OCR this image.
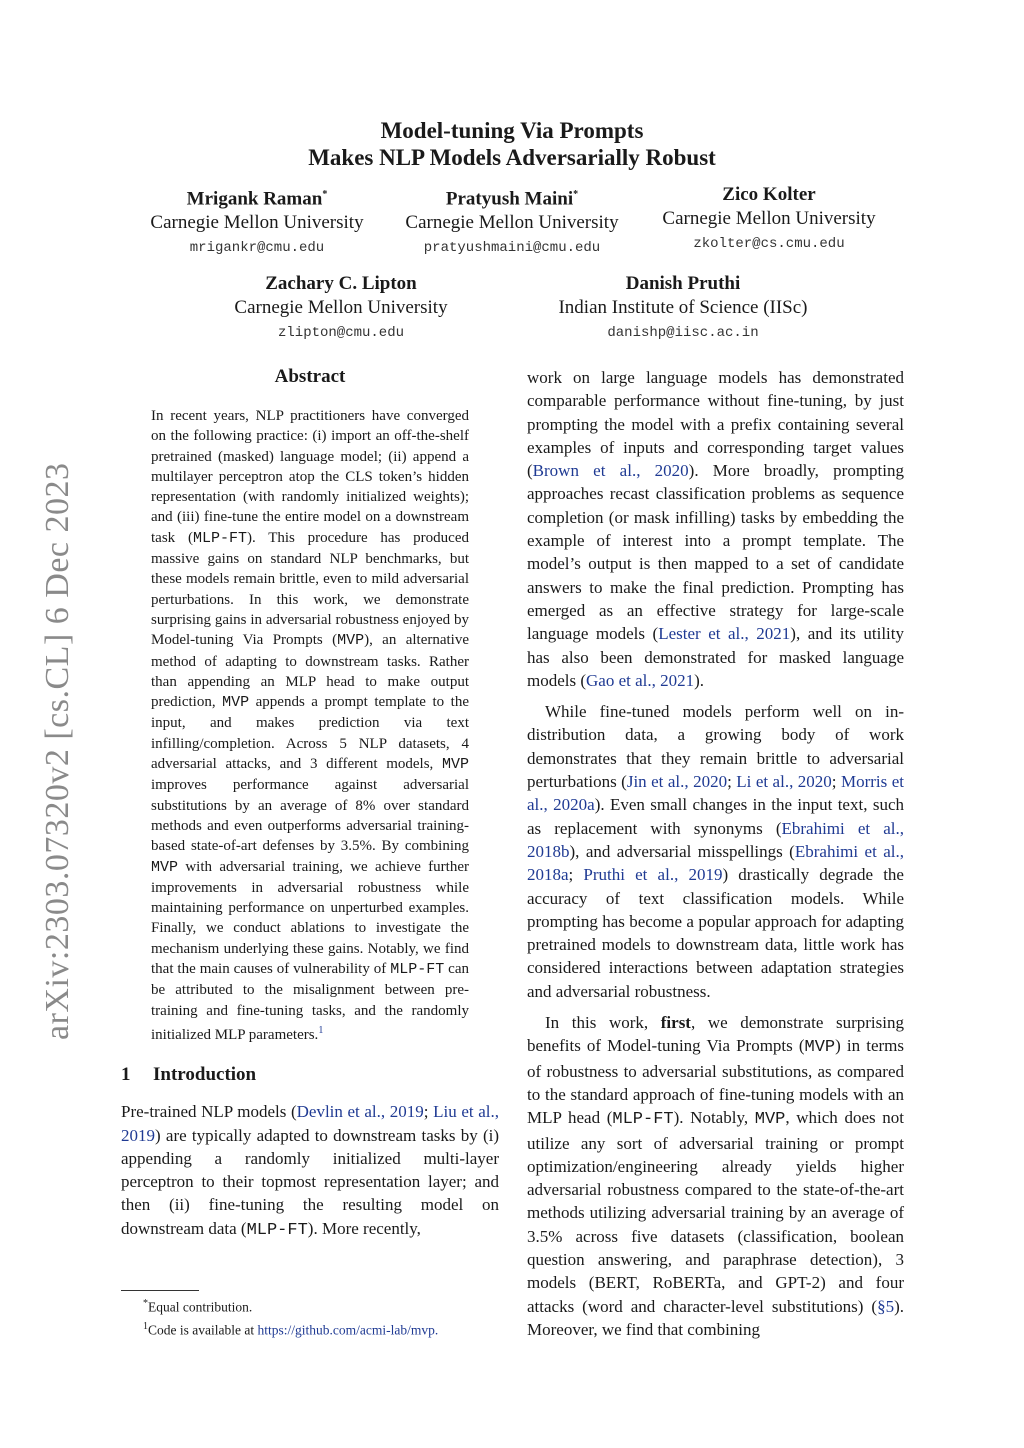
arXiv:2303.07320v2 [cs.CL] 6 Dec 2023
Model-tuning Via Prompts
Makes NLP Models Adversarially Robust
Mrigank Raman*
Carnegie Mellon University
mrigankr@cmu.edu
Pratyush Maini*
Carnegie Mellon University
pratyushmaini@cmu.edu
Zico Kolter
Carnegie Mellon University
zkolter@cs.cmu.edu
Zachary C. Lipton
Carnegie Mellon University
zlipton@cmu.edu
Danish Pruthi
Indian Institute of Science (IISc)
danishp@iisc.ac.in
Abstract
In recent years, NLP practitioners have converged on the following practice: (i) import an off-the-shelf pretrained (masked) language model; (ii) append a multilayer perceptron atop the CLS token’s hidden representation (with randomly initialized weights); and (iii) fine-tune the entire model on a downstream task (MLP-FT). This procedure has produced massive gains on standard NLP benchmarks, but these models remain brittle, even to mild adversarial perturbations. In this work, we demonstrate surprising gains in adversarial robustness enjoyed by Model-tuning Via Prompts (MVP), an alternative method of adapting to downstream tasks. Rather than appending an MLP head to make output prediction, MVP appends a prompt template to the input, and makes prediction via text infilling/completion. Across 5 NLP datasets, 4 adversarial attacks, and 3 different models, MVP improves performance against adversarial substitutions by an average of 8% over standard methods and even outperforms adversarial training-based state-of-art defenses by 3.5%. By combining MVP with adversarial training, we achieve further improvements in adversarial robustness while maintaining performance on unperturbed examples. Finally, we conduct ablations to investigate the mechanism underlying these gains. Notably, we find that the main causes of vulnerability of MLP-FT can be attributed to the misalignment between pre-training and fine-tuning tasks, and the randomly initialized MLP parameters.$^1$
1 Introduction
Pre-trained NLP models (Devlin et al., 2019; Liu et al., 2019) are typically adapted to downstream tasks by (i) appending a randomly initialized multi-layer perceptron to their topmost representation layer; and then (ii) fine-tuning the resulting model on downstream data (MLP-FT). More recently,
*Equal contribution.
$^1$Code is available at https://github.com/acmi-lab/mvp.

work on large language models has demonstrated comparable performance without fine-tuning, by just prompting the model with a prefix containing several examples of inputs and corresponding target values (Brown et al., 2020). More broadly, prompting approaches recast classification problems as sequence completion (or mask infilling) tasks by embedding the example of interest into a prompt template. The model’s output is then mapped to a set of candidate answers to make the final prediction. Prompting has emerged as an effective strategy for large-scale language models (Lester et al., 2021), and its utility has also been demonstrated for masked language models (Gao et al., 2021).

While fine-tuned models perform well on in-distribution data, a growing body of work demonstrates that they remain brittle to adversarial perturbations (Jin et al., 2020; Li et al., 2020; Morris et al., 2020a). Even small changes in the input text, such as replacement with synonyms (Ebrahimi et al., 2018b), and adversarial misspellings (Ebrahimi et al., 2018a; Pruthi et al., 2019) drastically degrade the accuracy of text classification models. While prompting has become a popular approach for adapting pretrained models to downstream data, little work has considered interactions between adaptation strategies and adversarial robustness.

In this work, first, we demonstrate surprising benefits of Model-tuning Via Prompts (MVP) in terms of robustness to adversarial substitutions, as compared to the standard approach of fine-tuning models with an MLP head (MLP-FT). Notably, MVP, which does not utilize any sort of adversarial training or prompt optimization/engineering already yields higher adversarial robustness compared to the state-of-the-art methods utilizing adversarial training by an average of 3.5% across five datasets (classification, boolean question answering, and paraphrase detection), 3 models (BERT, RoBERTa, and GPT-2) and four attacks (word and character-level substitutions) (§5). Moreover, we find that combining
